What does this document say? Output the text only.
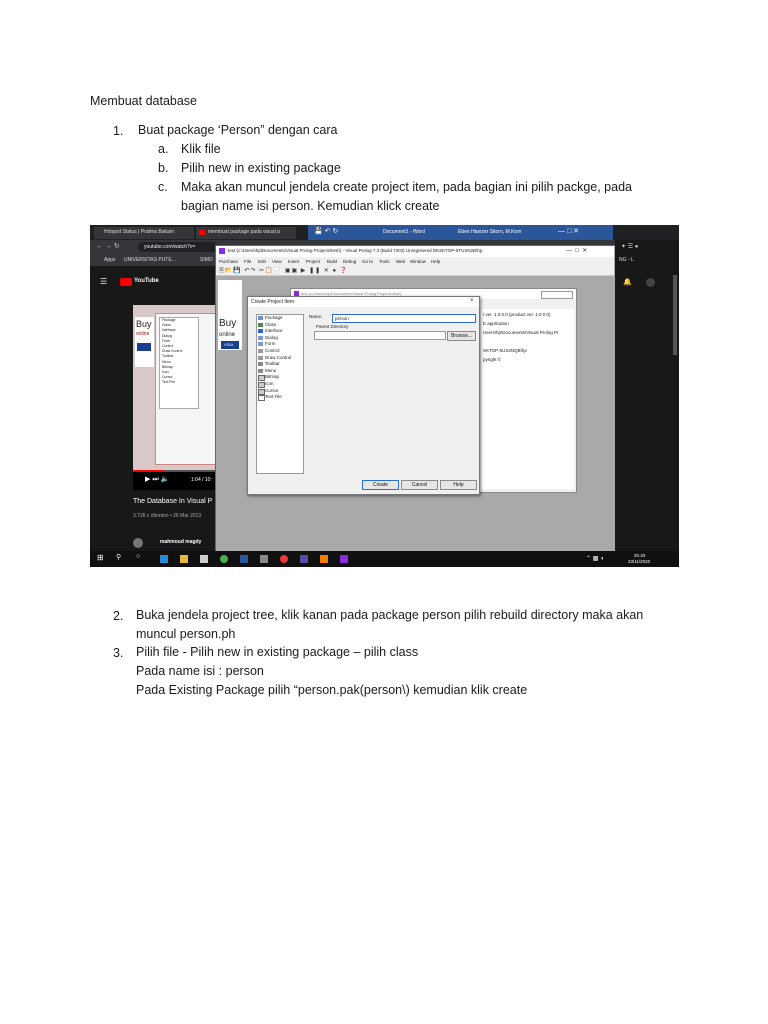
Membuat database
1. Buat package ‘Person” dengan cara
a. Klik file
b. Pilih new in existing package
c. Maka akan muncul jendela create project item, pada bagian ini pilih packge, pada
bagian name isi person. Kemudian klick create
Hotspot Status | Pratma Bakam	membuat package pada visual p
← → ↻	youtube.com/watch?v=
Apps UNIVERSITAS PUTE...	SIMO
☰	YouTube
Buy
online
Package
Class
Interface
Dialog
Form
Control
Draw Control
Toolbar
Menu
Bitmap
Icon
Cursor
Text File
▶ ⏭ 🔈	1:04 / 10:
The Database In Visual P
3.726 x ditonton • 26 Mar 2013
mahmoud magdy
💾 ↶ ↻	Document1 - Word	Eben Haeizer Sitorn, M.Kom	— □ ✕
test (c:\Users\hp\Documents\Visual Prolog Projects\test\) - Visual Prolog 7.3 (Build 7303) Unregistered DESKTOP-5TUSN2B\hp	—  □  ✕
Purchase File Edit View Insert Project Build Debug Go to Tools Web Window Help
🗎📂💾 ↶↷ ✂📋📄 ▣▣ ▶ ❚❚ ✕ ● ❓
Buy
online
VISA
test (c:\Users\hp\Documents\Visual Prolog Projects\test\)
t ver. 1.0.0.0 (product ver. 1.0.0.0)
E application
Users\hp\Documents\Visual Prolog Pr
SKTOP-5US2NQB\hp
pyright ©
Create Project Item	×
Package
Class
Interface
Dialog
Form
Control
Draw Control
Toolbar
Menu
Bitmap
Icon
Cursor
Text File
Name:	person
Parent Directory
Browse...
Create	Cancel	Help
✦ ☰ ●
NG - L
🔔
⊞ ⚲ ○	⌃ ▩ ◑
20.33
23/11/2020
2. Buka jendela project tree, klik kanan pada package person pilih rebuild directory maka akan
muncul person.ph
3. Pilih file - Pilih new in existing package – pilih class
Pada name isi : person
Pada Existing Package pilih “person.pak(person\) kemudian klik create
